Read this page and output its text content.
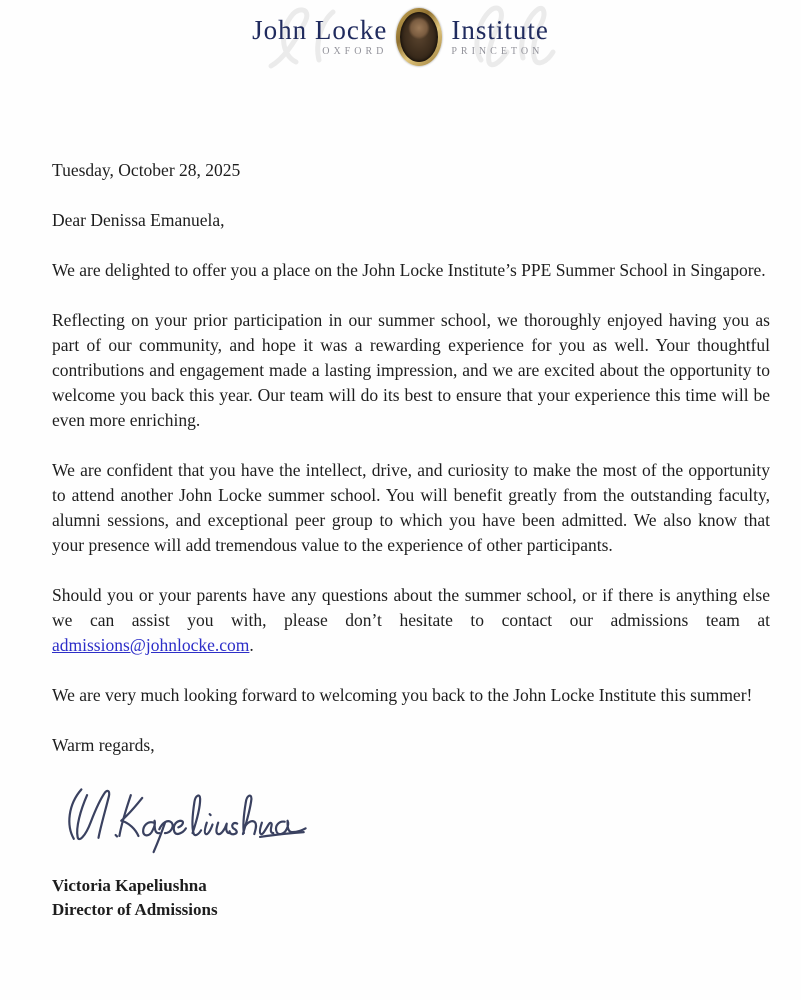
John Locke
OXFORD
Institute
PRINCETON

Tuesday, October 28, 2025

Dear Denissa Emanuela,

We are delighted to offer you a place on the John Locke Institute’s PPE Summer School in Singapore.

Reflecting on your prior participation in our summer school, we thoroughly enjoyed having you as part of our community, and hope it was a rewarding experience for you as well. Your thoughtful contributions and engagement made a lasting impression, and we are excited about the opportunity to welcome you back this year. Our team will do its best to ensure that your experience this time will be even more enriching.

We are confident that you have the intellect, drive, and curiosity to make the most of the opportunity to attend another John Locke summer school. You will benefit greatly from the outstanding faculty, alumni sessions, and exceptional peer group to which you have been admitted. We also know that your presence will add tremendous value to the experience of other participants.

Should you or your parents have any questions about the summer school, or if there is anything else we can assist you with, please don’t hesitate to contact our admissions team at admissions@johnlocke.com.

We are very much looking forward to welcoming you back to the John Locke Institute this summer!

Warm regards,

Victoria Kapeliushna
Director of Admissions
